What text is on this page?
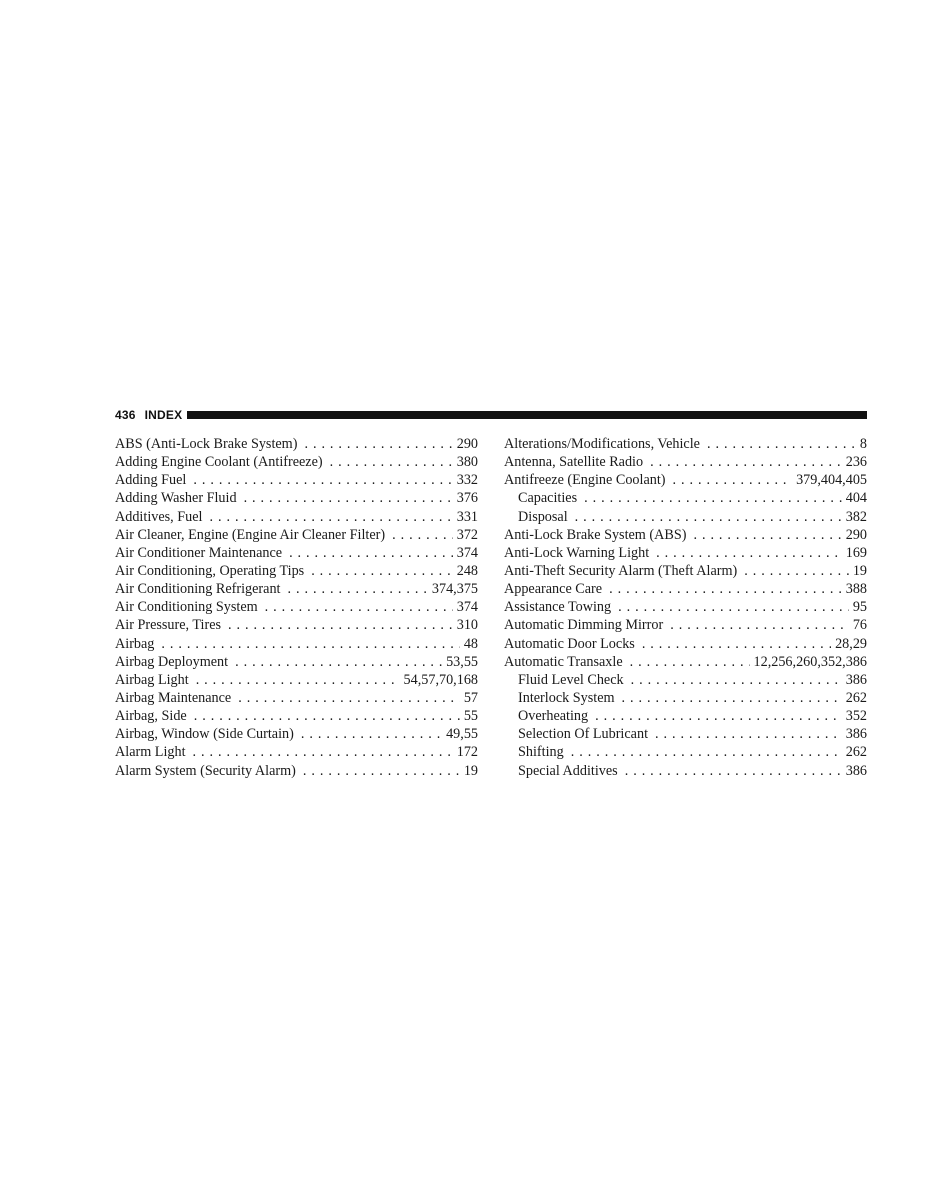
436 INDEX
ABS (Anti-Lock Brake System) . . .	290
Adding Engine Coolant (Antifreeze) . . .	380
Adding Fuel . . .	332
Adding Washer Fluid . . .	376
Additives, Fuel . . .	331
Air Cleaner, Engine (Engine Air Cleaner Filter) . . .	372
Air Conditioner Maintenance . . .	374
Air Conditioning, Operating Tips . . .	248
Air Conditioning Refrigerant . . .	374,375
Air Conditioning System . . .	374
Air Pressure, Tires . . .	310
Airbag . . .	48
Airbag Deployment . . .	53,55
Airbag Light . . .	54,57,70,168
Airbag Maintenance . . .	57
Airbag, Side . . .	55
Airbag, Window (Side Curtain) . . .	49,55
Alarm Light . . .	172
Alarm System (Security Alarm) . . .	19
Alterations/Modifications, Vehicle . . .	8
Antenna, Satellite Radio . . .	236
Antifreeze (Engine Coolant) . . .	379,404,405
Capacities . . .	404
Disposal . . .	382
Anti-Lock Brake System (ABS) . . .	290
Anti-Lock Warning Light . . .	169
Anti-Theft Security Alarm (Theft Alarm) . . .	19
Appearance Care . . .	388
Assistance Towing . . .	95
Automatic Dimming Mirror . . .	76
Automatic Door Locks . . .	28,29
Automatic Transaxle . . .	12,256,260,352,386
Fluid Level Check . . .	386
Interlock System . . .	262
Overheating . . .	352
Selection Of Lubricant . . .	386
Shifting . . .	262
Special Additives . . .	386
